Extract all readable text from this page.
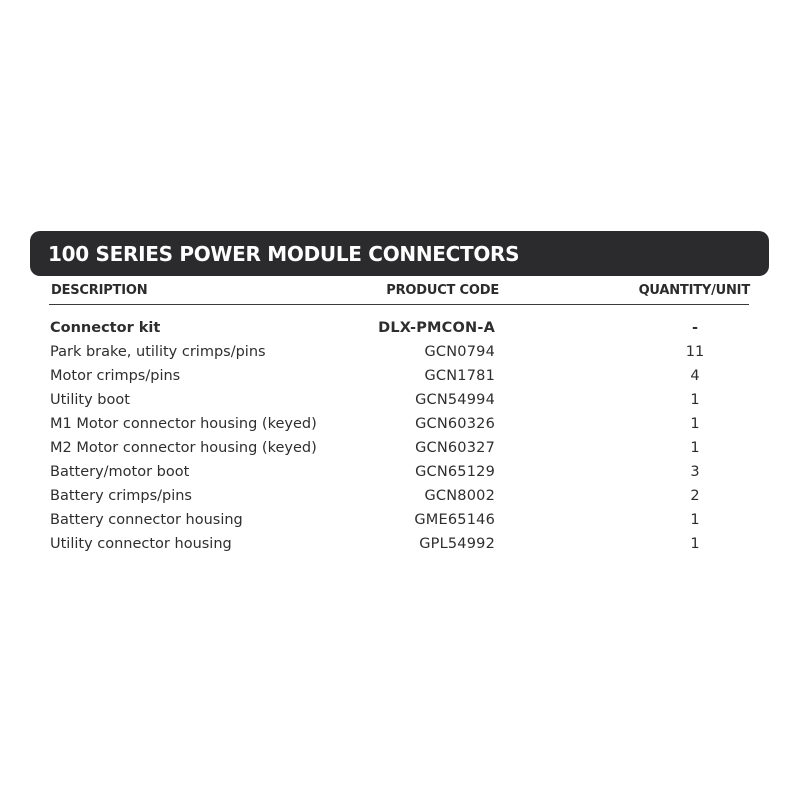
100 SERIES POWER MODULE CONNECTORS
DESCRIPTION	PRODUCT CODE	QUANTITY/UNIT
Connector kit	DLX-PMCON-A	-
Park brake, utility crimps/pins	GCN0794	11
Motor crimps/pins	GCN1781	4
Utility boot	GCN54994	1
M1 Motor connector housing (keyed)	GCN60326	1
M2 Motor connector housing (keyed)	GCN60327	1
Battery/motor boot	GCN65129	3
Battery crimps/pins	GCN8002	2
Battery connector housing	GME65146	1
Utility connector housing	GPL54992	1
